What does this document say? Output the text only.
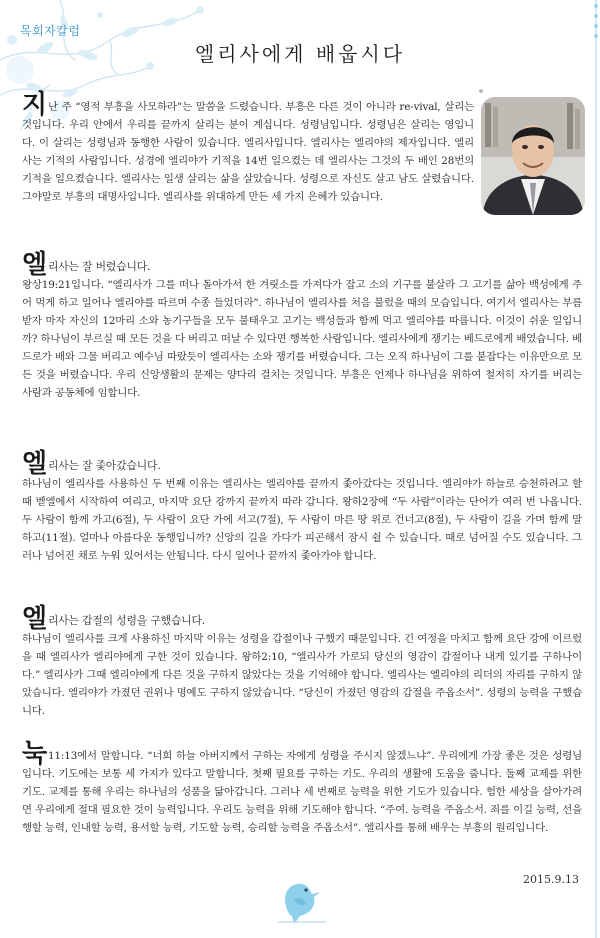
목회자칼럼
엘리사에게 배웁시다

지난 주 “영적 부흥을 사모하라”는 말씀을 드렸습니다. 부흥은 다른 것이 아니라 re-vival, 살리는 것입니다. 우리 안에서 우리를 끝까지 살리는 분이 계십니다. 성령님입니다. 성령님은 살리는 영입니다. 이 살리는 성령님과 동행한 사람이 있습니다. 엘리사입니다. 엘리사는 엘리야의 제자입니다. 엘리사는 기적의 사람입니다. 성경에 엘리야가 기적을 14번 일으켰는 데 엘리사는 그것의 두 배인 28번의 기적을 일으켰습니다. 엘리사는 일생 살리는 삶을 살았습니다. 성령으로 자신도 살고 남도 살렸습니다. 그야말로 부흥의 대명사입니다. 엘리사를 위대하게 만든 세 가지 은혜가 있습니다.

엘리사는 잘 버렸습니다.

왕상19:21입니다. “엘리사가 그를 떠나 돌아가서 한 겨릿소를 가져다가 잡고 소의 기구를 불살라 그 고기를 삶아 백성에게 주어 먹게 하고 일어나 엘리야를 따르며 수종 들었더라”. 하나님이 엘리사를 처음 불렀을 때의 모습입니다. 여기서 엘리사는 부름 받자 마자 자신의 12마리 소와 농기구들을 모두 불태우고 고기는 백성들과 함께 먹고 엘리야를 따릅니다. 이것이 쉬운 일입니까? 하나님이 부르실 때 모든 것을 다 버리고 떠날 수 있다면 행복한 사람입니다. 엘리사에게 쟁기는 베드로에게 배였습니다. 베드로가 배와 그물 버리고 예수님 따랐듯이 엘리사는 소와 쟁기를 버렸습니다. 그는 오직 하나님이 그를 붙잡다는 이유만으로 모든 것을 버렸습니다. 우리 신앙생활의 문제는 양다리 걸치는 것입니다. 부흥은 언제나 하나님을 위하여 철저히 자기를 버리는 사람과 공동체에 임합니다.

엘리사는 잘 좇아갔습니다.

하나님이 엘리사를 사용하신 두 번째 이유는 엘리사는 엘리야를 끝까지 좇아갔다는 것입니다. 엘리야가 하늘로 승천하려고 할 때 벧엘에서 시작하여 여리고, 마지막 요단 강까지 끝까지 따라 갑니다. 왕하2장에 “두 사람”이라는 단어가 여러 번 나옵니다. 두 사람이 함께 가고(6절), 두 사람이 요단 가에 서고(7절), 두 사람이 마른 땅 위로 건너고(8절), 두 사람이 길을 가며 함께 말하고(11절). 얼마나 아름다운 동행입니까? 신앙의 길을 가다가 피곤해서 잠시 쉴 수 있습니다. 때로 넘어질 수도 있습니다. 그러나 넘어진 채로 누워 있어서는 안됩니다. 다시 일어나 끝까지 좇아가야 합니다.

엘리사는 갑절의 성령을 구했습니다.

하나님이 엘리사를 크게 사용하신 마지막 이유는 성령을 갑절이나 구했기 때문입니다. 긴 여정을 마치고 함께 요단 강에 이르렀을 때 엘리사가 엘리야에게 구한 것이 있습니다. 왕하2:10, “엘리사가 가로되 당신의 영감이 갑절이나 내게 있기를 구하나이다.” 엘리사가 그때 엘리야에게 다른 것을 구하지 않았다는 것을 기억해야 합니다. 엘리사는 엘리야의 리더의 자리를 구하지 않았습니다. 엘리야가 가졌던 권위나 명예도 구하지 않았습니다. “당신이 가졌던 영감의 갑절을 주옵소서”. 성령의 능력을 구했습니다.

눅11:13에서 말합니다. “너희 하늘 아버지께서 구하는 자에게 성령을 주시지 않겠느냐”. 우리에게 가장 좋은 것은 성령님입니다. 기도에는 보통 세 가지가 있다고 말합니다. 첫째 필요를 구하는 기도. 우리의 생활에 도움을 줍니다. 둘째 교제를 위한 기도. 교제를 통해 우리는 하나님의 성품을 닮아갑니다. 그러나 세 번째로 능력을 위한 기도가 있습니다. 험한 세상을 살아가려면 우리에게 절대 필요한 것이 능력입니다. 우리도 능력을 위해 기도해야 합니다. “주여. 능력을 주옵소서. 죄를 이길 능력, 선을 행할 능력, 인내할 능력, 용서할 능력, 기도할 능력, 승리할 능력을 주옵소서”. 엘리사를 통해 배우는 부흥의 원리입니다.

2015.9.13
